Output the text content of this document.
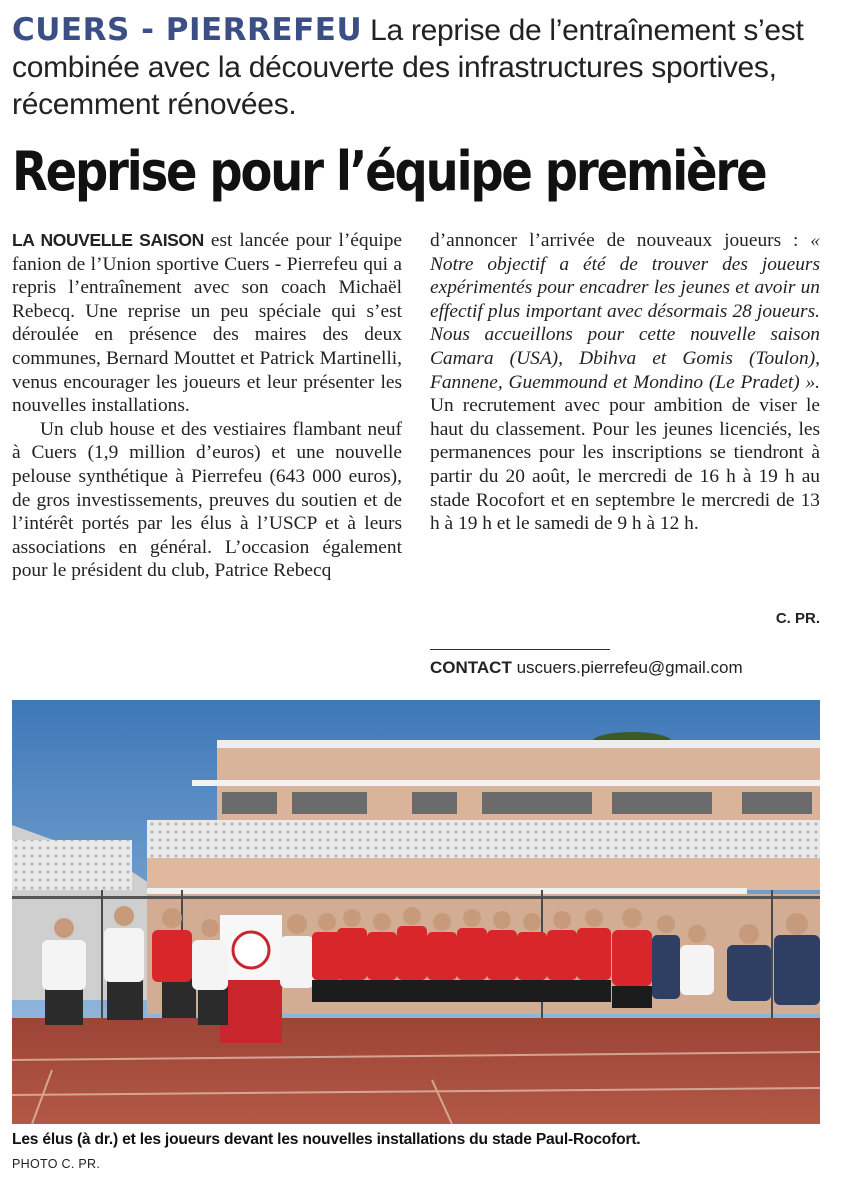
CUERS - PIERREFEU La reprise de l’entraînement s’est combinée avec la découverte des infrastructures sportives, récemment rénovées.
Reprise pour l’équipe première

LA NOUVELLE SAISON est lancée pour l’équipe fanion de l’Union sportive Cuers - Pierrefeu qui a repris l’entraînement avec son coach Michaël Rebecq. Une reprise un peu spéciale qui s’est déroulée en présence des maires des deux communes, Bernard Mouttet et Patrick Martinelli, venus encourager les joueurs et leur présenter les nouvelles installations.

Un club house et des vestiaires flambant neuf à Cuers (1,9 million d’euros) et une nouvelle pelouse synthétique à Pierrefeu (643 000 euros), de gros investissements, preuves du soutien et de l’intérêt portés par les élus à l’USCP et à leurs associations en général. L’occasion également pour le président du club, Patrice Rebecq

d’annoncer l’arrivée de nouveaux joueurs : « Notre objectif a été de trouver des joueurs expérimentés pour encadrer les jeunes et avoir un effectif plus important avec désormais 28 joueurs. Nous accueillons pour cette nouvelle saison Camara (USA), Dbihva et Gomis (Toulon), Fannene, Guemmound et Mondino (Le Pradet) ». Un recrutement avec pour ambition de viser le haut du classement. Pour les jeunes licenciés, les permanences pour les inscriptions se tiendront à partir du 20 août, le mercredi de 16 h à 19 h au stade Rocofort et en septembre le mercredi de 13 h à 19 h et le samedi de 9 h à 12 h.

C. PR.
CONTACT uscuers.pierrefeu@gmail.com
Les élus (à dr.) et les joueurs devant les nouvelles installations du stade Paul-Rocofort.
PHOTO C. PR.
